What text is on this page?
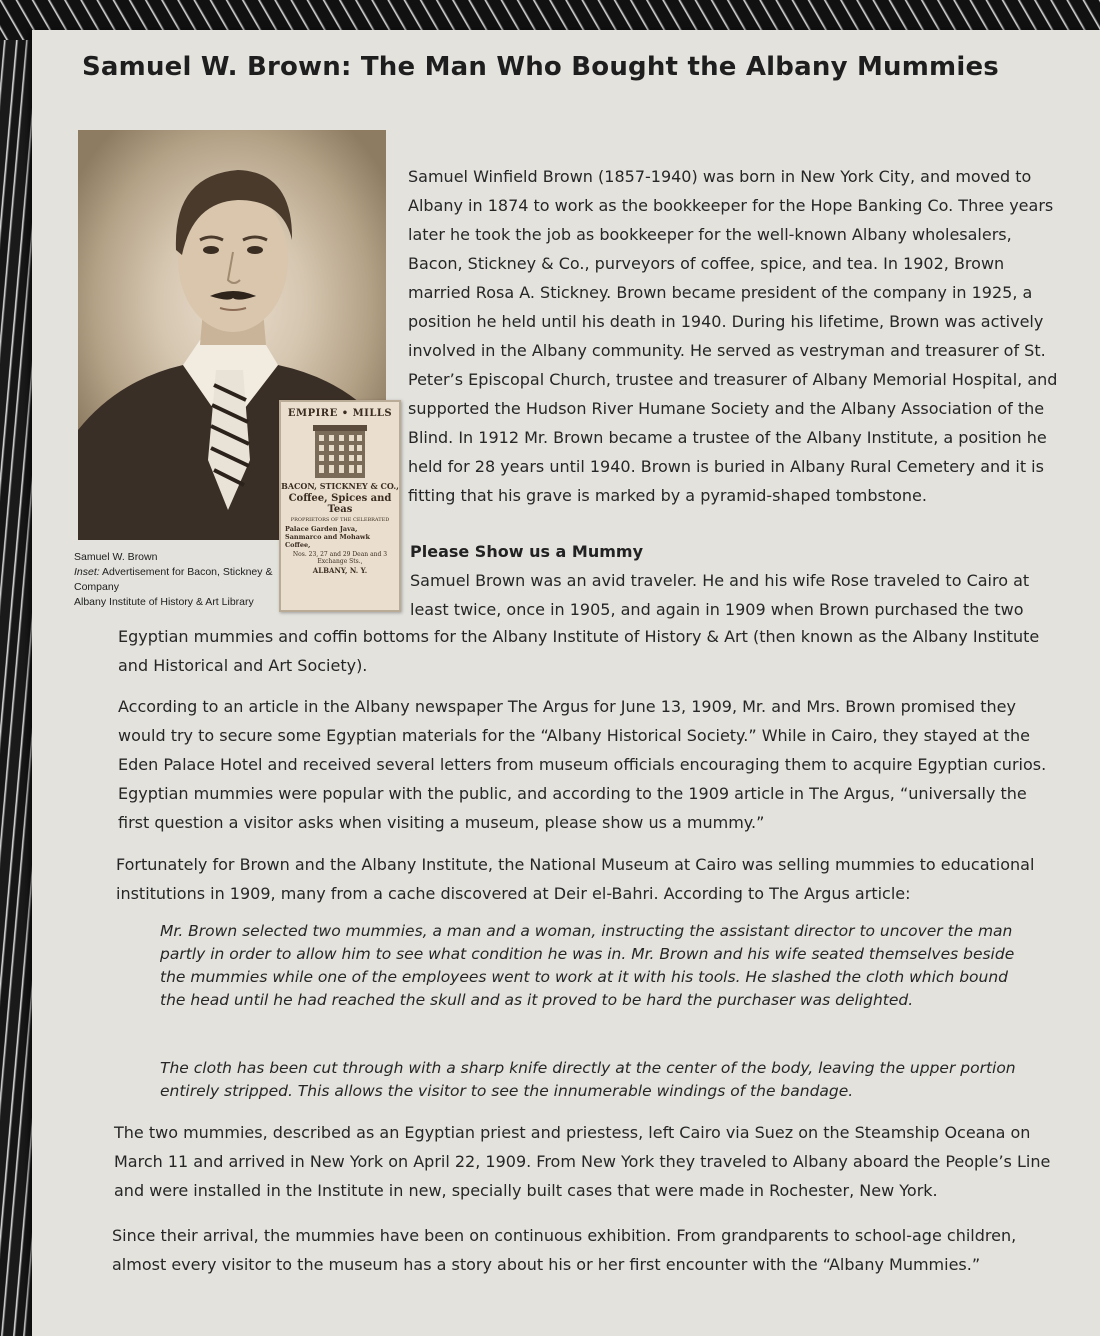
Samuel W. Brown: The Man Who Bought the Albany Mummies
EMPIRE • MILLS
BACON, STICKNEY & CO.,
Coffee, Spices and Teas
PROPRIETORS OF THE CELEBRATED
Palace Garden Java,
Sanmarco and Mohawk Coffee,
Nos. 23, 27 and 29 Dean and 3 Exchange Sts.,
ALBANY, N. Y.
Samuel W. Brown
Inset: Advertisement for Bacon, Stickney & Company
Albany Institute of History & Art Library

Samuel Winfield Brown (1857-1940) was born in New York City, and moved to Albany in 1874 to work as the bookkeeper for the Hope Banking Co. Three years later he took the job as bookkeeper for the well-known Albany wholesalers, Bacon, Stickney & Co., purveyors of coffee, spice, and tea. In 1902, Brown married Rosa A. Stickney. Brown became president of the company in 1925, a position he held until his death in 1940. During his lifetime, Brown was actively involved in the Albany community. He served as vestryman and treasurer of St. Peter’s Episcopal Church, trustee and treasurer of Albany Memorial Hospital, and supported the Hudson River Humane Society and the Albany Association of the Blind. In 1912 Mr. Brown became a trustee of the Albany Institute, a position he held for 28 years until 1940. Brown is buried in Albany Rural Cemetery and it is fitting that his grave is marked by a pyramid-shaped tombstone.

Please Show us a Mummy

Samuel Brown was an avid traveler. He and his wife Rose traveled to Cairo at least twice, once in 1905, and again in 1909 when Brown purchased the two

Egyptian mummies and coffin bottoms for the Albany Institute of History & Art (then known as the Albany Institute and Historical and Art Society).

According to an article in the Albany newspaper The Argus for June 13, 1909, Mr. and Mrs. Brown promised they would try to secure some Egyptian materials for the “Albany Historical Society.” While in Cairo, they stayed at the Eden Palace Hotel and received several letters from museum officials encouraging them to acquire Egyptian curios. Egyptian mummies were popular with the public, and according to the 1909 article in The Argus, “universally the first question a visitor asks when visiting a museum, please show us a mummy.”

Fortunately for Brown and the Albany Institute, the National Museum at Cairo was selling mummies to educational institutions in 1909, many from a cache discovered at Deir el-Bahri. According to The Argus article:

Mr. Brown selected two mummies, a man and a woman, instructing the assistant director to uncover the man partly in order to allow him to see what condition he was in. Mr. Brown and his wife seated themselves beside the mummies while one of the employees went to work at it with his tools. He slashed the cloth which bound the head until he had reached the skull and as it proved to be hard the purchaser was delighted.

The cloth has been cut through with a sharp knife directly at the center of the body, leaving the upper portion entirely stripped. This allows the visitor to see the innumerable windings of the bandage.

The two mummies, described as an Egyptian priest and priestess, left Cairo via Suez on the Steamship Oceana on March 11 and arrived in New York on April 22, 1909. From New York they traveled to Albany aboard the People’s Line and were installed in the Institute in new, specially built cases that were made in Rochester, New York.

Since their arrival, the mummies have been on continuous exhibition. From grandparents to school-age children, almost every visitor to the museum has a story about his or her first encounter with the “Albany Mummies.”
